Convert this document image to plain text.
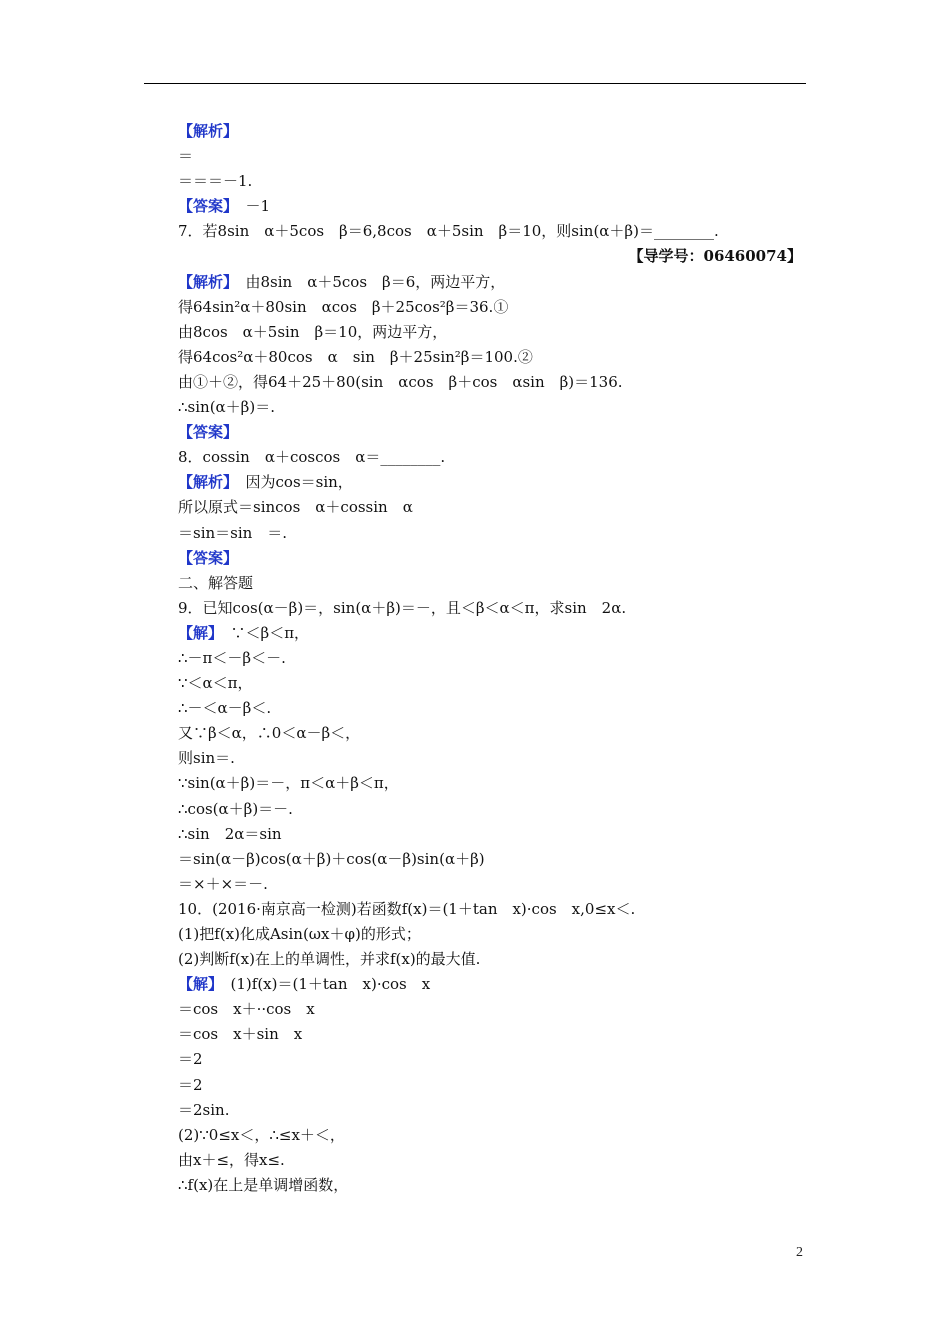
【解析】
＝
＝＝＝－1.
【答案】　－1
7．若8sin　α＋5cos　β＝6,8cos　α＋5sin　β＝10，则sin(α＋β)＝________.
【导学号：06460074】
【解析】　由8sin　α＋5cos　β＝6，两边平方，
得64sin²α＋80sin　αcos　β＋25cos²β＝36.①
由8cos　α＋5sin　β＝10，两边平方，
得64cos²α＋80cos　α　sin　β＋25sin²β＝100.②
由①＋②，得64＋25＋80(sin　αcos　β＋cos　αsin　β)＝136.
∴sin(α＋β)＝.
【答案】
8．cossin　α＋coscos　α＝________.
【解析】　因为cos＝sin，
所以原式＝sincos　α＋cossin　α
＝sin＝sin　＝.
【答案】
二、解答题
9．已知cos(α－β)＝，sin(α＋β)＝－，且＜β＜α＜π，求sin　2α.
【解】　∵＜β＜π，
∴－π＜－β＜－.
∵＜α＜π，
∴－＜α－β＜.
又∵β＜α，∴0＜α－β＜，
则sin＝.
∵sin(α＋β)＝－，π＜α＋β＜π，
∴cos(α＋β)＝－.
∴sin　2α＝sin
＝sin(α－β)cos(α＋β)＋cos(α－β)sin(α＋β)
＝×＋×＝－.
10．(2016·南京高一检测)若函数f(x)＝(1＋tan　x)·cos　x,0≤x＜.
(1)把f(x)化成Asin(ωx＋φ)的形式；
(2)判断f(x)在上的单调性，并求f(x)的最大值.
【解】　(1)f(x)＝(1＋tan　x)·cos　x
＝cos　x＋··cos　x
＝cos　x＋sin　x
＝2
＝2
＝2sin.
(2)∵0≤x＜，∴≤x＋＜，
由x＋≤，得x≤.
∴f(x)在上是单调增函数，
2
